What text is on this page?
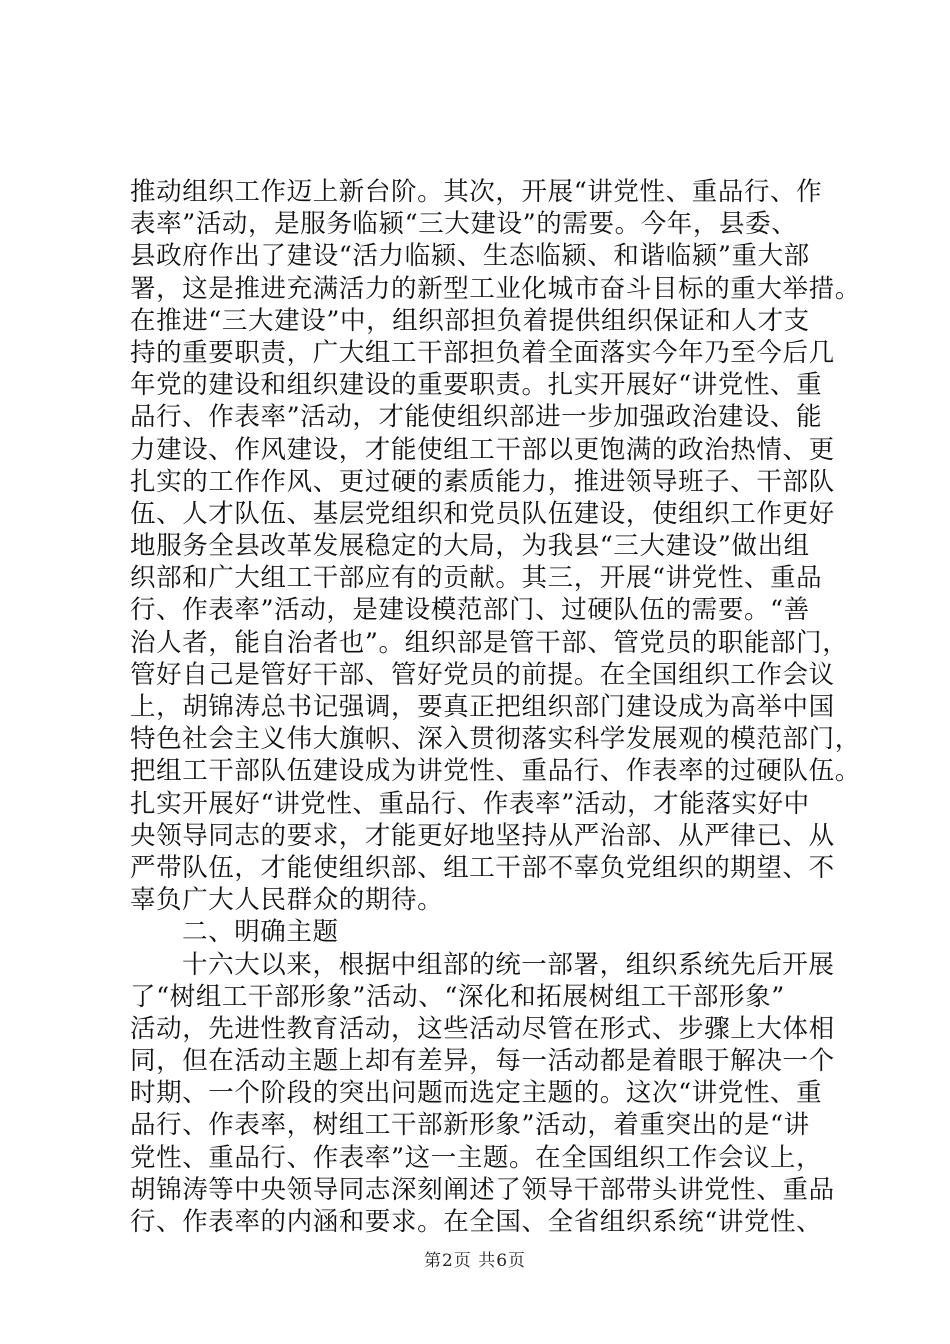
推动组织工作迈上新台阶。其次，开展“讲党性、重品行、作
表率”活动，是服务临颍“三大建设”的需要。今年，县委、
县政府作出了建设“活力临颍、生态临颍、和谐临颍”重大部
署，这是推进充满活力的新型工业化城市奋斗目标的重大举措。
在推进“三大建设”中，组织部担负着提供组织保证和人才支
持的重要职责，广大组工干部担负着全面落实今年乃至今后几
年党的建设和组织建设的重要职责。扎实开展好“讲党性、重
品行、作表率”活动，才能使组织部进一步加强政治建设、能
力建设、作风建设，才能使组工干部以更饱满的政治热情、更
扎实的工作作风、更过硬的素质能力，推进领导班子、干部队
伍、人才队伍、基层党组织和党员队伍建设，使组织工作更好
地服务全县改革发展稳定的大局，为我县“三大建设”做出组
织部和广大组工干部应有的贡献。其三，开展“讲党性、重品
行、作表率”活动，是建设模范部门、过硬队伍的需要。“善
治人者，能自治者也”。组织部是管干部、管党员的职能部门，
管好自己是管好干部、管好党员的前提。在全国组织工作会议
上，胡锦涛总书记强调，要真正把组织部门建设成为高举中国
特色社会主义伟大旗帜、深入贯彻落实科学发展观的模范部门，
把组工干部队伍建设成为讲党性、重品行、作表率的过硬队伍。
扎实开展好“讲党性、重品行、作表率”活动，才能落实好中
央领导同志的要求，才能更好地坚持从严治部、从严律已、从
严带队伍，才能使组织部、组工干部不辜负党组织的期望、不
辜负广大人民群众的期待。
二、明确主题
十六大以来，根据中组部的统一部署，组织系统先后开展
了“树组工干部形象”活动、“深化和拓展树组工干部形象”
活动，先进性教育活动，这些活动尽管在形式、步骤上大体相
同，但在活动主题上却有差异，每一活动都是着眼于解决一个
时期、一个阶段的突出问题而选定主题的。这次“讲党性、重
品行、作表率，树组工干部新形象”活动，着重突出的是“讲
党性、重品行、作表率”这一主题。在全国组织工作会议上，
胡锦涛等中央领导同志深刻阐述了领导干部带头讲党性、重品
行、作表率的内涵和要求。在全国、全省组织系统“讲党性、
第2页 共6页
